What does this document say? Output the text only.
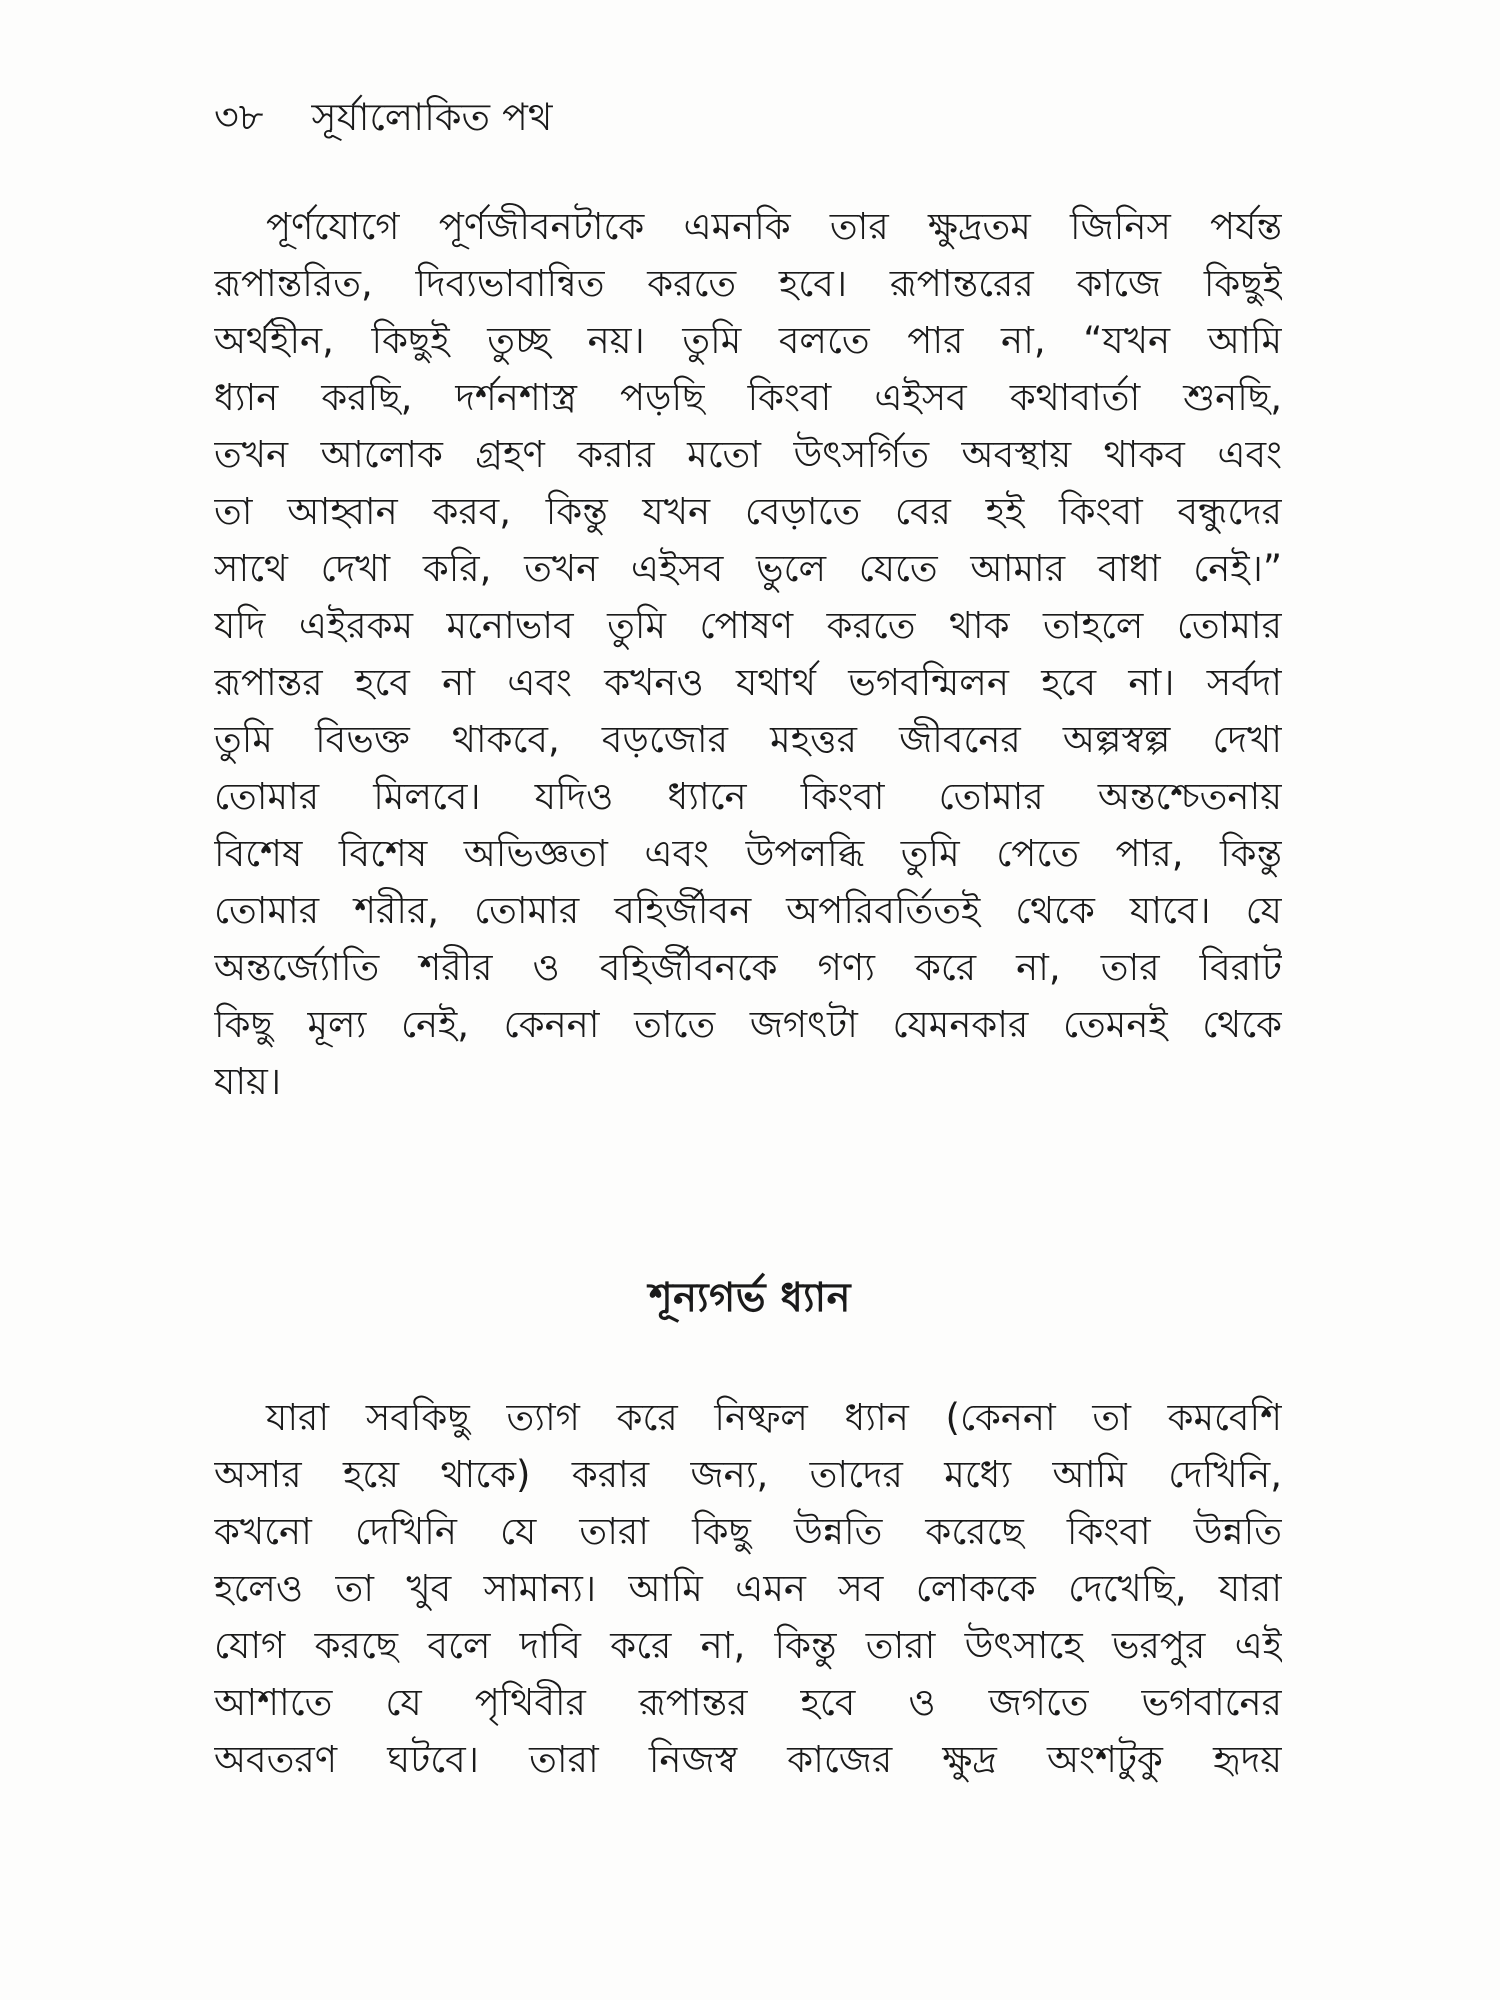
৩৮ সূর্যালোকিত পথ
পূর্ণযোগে পূর্ণজীবনটাকে এমনকি তার ক্ষুদ্রতম জিনিস পর্যন্ত
রূপান্তরিত, দিব্যভাবান্বিত করতে হবে। রূপান্তরের কাজে কিছুই
অর্থহীন, কিছুই তুচ্ছ নয়। তুমি বলতে পার না, “যখন আমি
ধ্যান করছি, দর্শনশাস্ত্র পড়ছি কিংবা এইসব কথাবার্তা শুনছি,
তখন আলোক গ্রহণ করার মতো উৎসর্গিত অবস্থায় থাকব এবং
তা আহ্বান করব, কিন্তু যখন বেড়াতে বের হই কিংবা বন্ধুদের
সাথে দেখা করি, তখন এইসব ভুলে যেতে আমার বাধা নেই।”
যদি এইরকম মনোভাব তুমি পোষণ করতে থাক তাহলে তোমার
রূপান্তর হবে না এবং কখনও যথার্থ ভগবন্মিলন হবে না। সর্বদা
তুমি বিভক্ত থাকবে, বড়জোর মহত্তর জীবনের অল্পস্বল্প দেখা
তোমার মিলবে। যদিও ধ্যানে কিংবা তোমার অন্তশ্চেতনায়
বিশেষ বিশেষ অভিজ্ঞতা এবং উপলব্ধি তুমি পেতে পার, কিন্তু
তোমার শরীর, তোমার বহির্জীবন অপরিবর্তিতই থেকে যাবে। যে
অন্তর্জ্যোতি শরীর ও বহির্জীবনকে গণ্য করে না, তার বিরাট
কিছু মূল্য নেই, কেননা তাতে জগৎটা যেমনকার তেমনই থেকে
যায়।
শূন্যগর্ভ ধ্যান
যারা সবকিছু ত্যাগ করে নিষ্ফল ধ্যান (কেননা তা কমবেশি
অসার হয়ে থাকে) করার জন্য, তাদের মধ্যে আমি দেখিনি,
কখনো দেখিনি যে তারা কিছু উন্নতি করেছে কিংবা উন্নতি
হলেও তা খুব সামান্য। আমি এমন সব লোককে দেখেছি, যারা
যোগ করছে বলে দাবি করে না, কিন্তু তারা উৎসাহে ভরপুর এই
আশাতে যে পৃথিবীর রূপান্তর হবে ও জগতে ভগবানের
অবতরণ ঘটবে। তারা নিজস্ব কাজের ক্ষুদ্র অংশটুকু হৃদয়
